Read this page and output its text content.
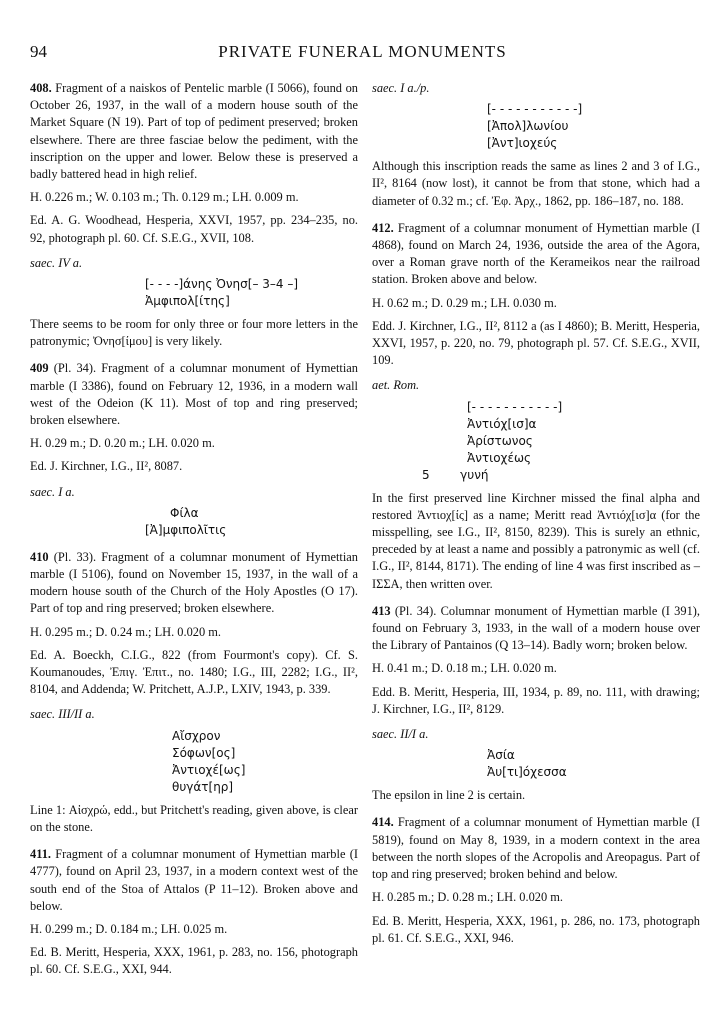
94	PRIVATE FUNERAL MONUMENTS

408. Fragment of a naiskos of Pentelic marble (I 5066), found on October 26, 1937, in the wall of a modern house south of the Market Square (N 19). Part of top of pediment preserved; broken elsewhere. There are three fasciae below the pediment, with the inscription on the upper and lower. Below these is preserved a badly battered head in high relief.

H. 0.226 m.; W. 0.103 m.; Th. 0.129 m.; LH. 0.009 m.

Ed. A. G. Woodhead, Hesperia, XXVI, 1957, pp. 234–235, no. 92, photograph pl. 60. Cf. S.E.G., XVII, 108.

saec. IV a.
[- - - -]άνης Ὀνησ[– 3–4 –]
Ἀμφιπολ[ίτης]

There seems to be room for only three or four more letters in the patronymic; Ὀνησ[ίμου] is very likely.

409 (Pl. 34). Fragment of a columnar monument of Hymettian marble (I 3386), found on February 12, 1936, in a modern wall west of the Odeion (K 11). Most of top and ring preserved; broken elsewhere.

H. 0.29 m.; D. 0.20 m.; LH. 0.020 m.

Ed. J. Kirchner, I.G., II², 8087.

saec. I a.
Φίλα
[Ἀ]μφιπολῖτις

410 (Pl. 33). Fragment of a columnar monument of Hymettian marble (I 5106), found on November 15, 1937, in the wall of a modern house south of the Church of the Holy Apostles (O 17). Part of top and ring preserved; broken elsewhere.

H. 0.295 m.; D. 0.24 m.; LH. 0.020 m.

Ed. A. Boeckh, C.I.G., 822 (from Fourmont's copy). Cf. S. Koumanoudes, Ἐπιγ. Ἐπιτ., no. 1480; I.G., III, 2282; I.G., II², 8104, and Addenda; W. Pritchett, A.J.P., LXIV, 1943, p. 339.

saec. III/II a.
Αἴσχρον
Σόφων[ος]
Ἀντιοχέ[ως]
θυγάτ[ηρ]

Line 1: Αἰσχρώ, edd., but Pritchett's reading, given above, is clear on the stone.

411. Fragment of a columnar monument of Hymettian marble (I 4777), found on April 23, 1937, in a modern context west of the south end of the Stoa of Attalos (P 11–12). Broken above and below.

H. 0.299 m.; D. 0.184 m.; LH. 0.025 m.

Ed. B. Meritt, Hesperia, XXX, 1961, p. 283, no. 156, photograph pl. 60. Cf. S.E.G., XXI, 944.

saec. I a./p.
[- - - - - - - - - - -]
[Ἀπολ]λωνίου
[Ἀντ]ιοχεύς

Although this inscription reads the same as lines 2 and 3 of I.G., II², 8164 (now lost), it cannot be from that stone, which had a diameter of 0.32 m.; cf. Ἐφ. Ἀρχ., 1862, pp. 186–187, no. 188.

412. Fragment of a columnar monument of Hymettian marble (I 4868), found on March 24, 1936, outside the area of the Agora, over a Roman grave north of the Kerameikos near the railroad station. Broken above and below.

H. 0.62 m.; D. 0.29 m.; LH. 0.030 m.

Edd. J. Kirchner, I.G., II², 8112 a (as I 4860); B. Meritt, Hesperia, XXVI, 1957, p. 220, no. 79, photograph pl. 57. Cf. S.E.G., XVII, 109.

aet. Rom.
[- - - - - - - - - - -]
Ἀντιόχ[ισ]α
Ἀρίστωνος
Ἀντιοχέως
5        γυνή

In the first preserved line Kirchner missed the final alpha and restored Ἀντιοχ[ίς] as a name; Meritt read Ἀντιόχ[ισ]α (for the misspelling, see I.G., II², 8150, 8239). This is surely an ethnic, preceded by at least a name and possibly a patronymic as well (cf. I.G., II², 8144, 8171). The ending of line 4 was first inscribed as –ΙΣΣΑ, then written over.

413 (Pl. 34). Columnar monument of Hymettian marble (I 391), found on February 3, 1933, in the wall of a modern house over the Library of Pantainos (Q 13–14). Badly worn; broken below.

H. 0.41 m.; D. 0.18 m.; LH. 0.020 m.

Edd. B. Meritt, Hesperia, III, 1934, p. 89, no. 111, with drawing; J. Kirchner, I.G., II², 8129.

saec. II/I a.
Ἀσία
Ἀυ[τι]όχεσσα

The epsilon in line 2 is certain.

414. Fragment of a columnar monument of Hymettian marble (I 5819), found on May 8, 1939, in a modern context in the area between the north slopes of the Acropolis and Areopagus. Part of top and ring preserved; broken behind and below.

H. 0.285 m.; D. 0.28 m.; LH. 0.020 m.

Ed. B. Meritt, Hesperia, XXX, 1961, p. 286, no. 173, photograph pl. 61. Cf. S.E.G., XXI, 946.
